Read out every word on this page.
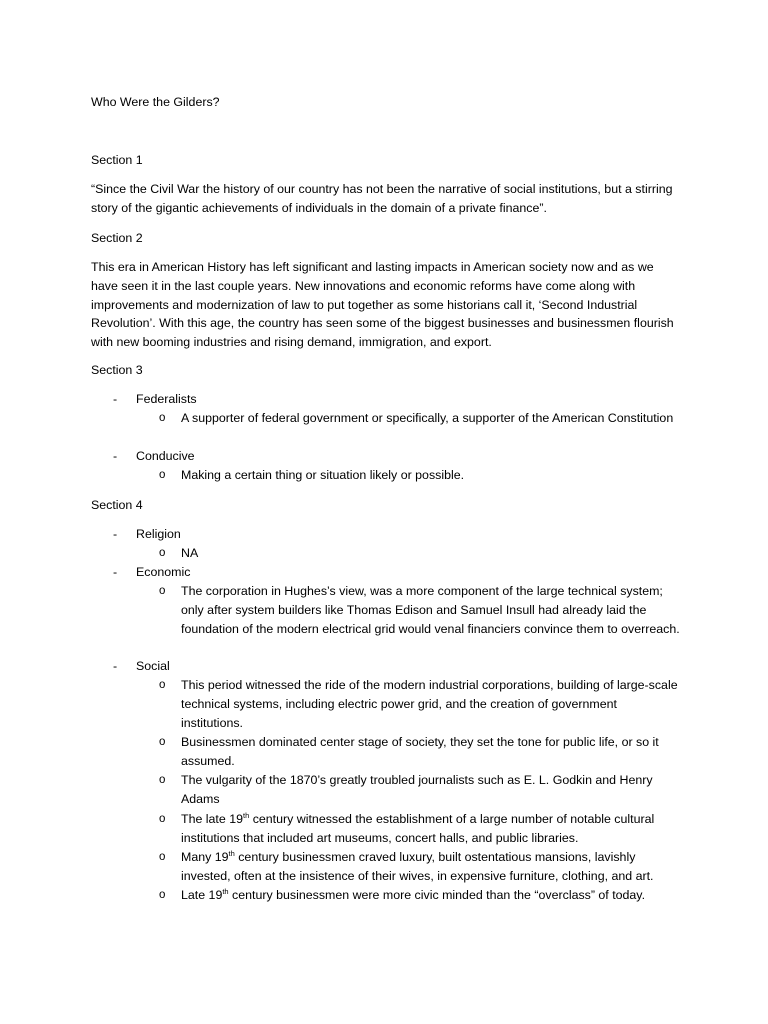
Who Were the Gilders?
Section 1

“Since the Civil War the history of our country has not been the narrative of social institutions, but a stirring story of the gigantic achievements of individuals in the domain of a private finance”.

Section 2

This era in American History has left significant and lasting impacts in American society now and as we have seen it in the last couple years. New innovations and economic reforms have come along with improvements and modernization of law to put together as some historians call it, ‘Second Industrial Revolution’. With this age, the country has seen some of the biggest businesses and businessmen flourish with new booming industries and rising demand, immigration, and export.

Section 3
- Federalists
o A supporter of federal government or specifically, a supporter of the American Constitution
- Conducive
o Making a certain thing or situation likely or possible.
Section 4
- Religion
o NA
- Economic
o The corporation in Hughes’s view, was a more component of the large technical system; only after system builders like Thomas Edison and Samuel Insull had already laid the foundation of the modern electrical grid would venal financiers convince them to overreach.
- Social
o This period witnessed the ride of the modern industrial corporations, building of large-scale technical systems, including electric power grid, and the creation of government institutions.
o Businessmen dominated center stage of society, they set the tone for public life, or so it assumed.
o The vulgarity of the 1870’s greatly troubled journalists such as E. L. Godkin and Henry Adams
o The late 19th century witnessed the establishment of a large number of notable cultural institutions that included art museums, concert halls, and public libraries.
o Many 19th century businessmen craved luxury, built ostentatious mansions, lavishly invested, often at the insistence of their wives, in expensive furniture, clothing, and art.
o Late 19th century businessmen were more civic minded than the “overclass” of today.
